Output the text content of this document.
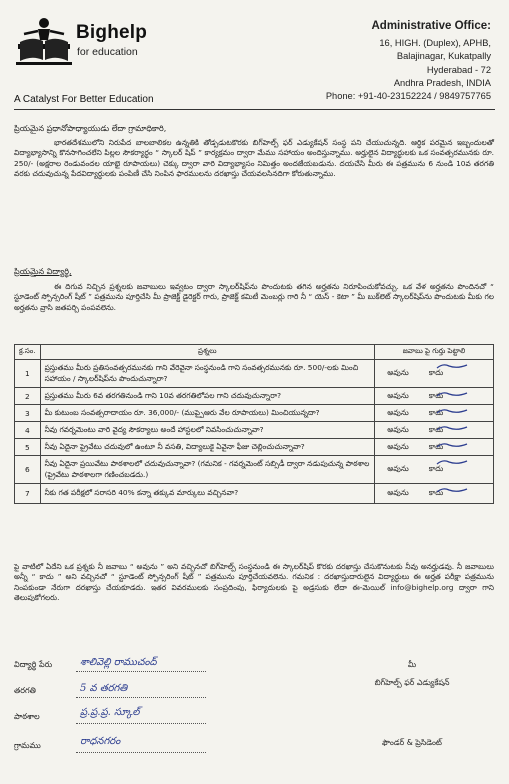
Bighelp
for education
A Catalyst For Better Education
Administrative Office:
16, HIGH. (Duplex), APHB,
Balajinagar, Kukatpally
Hyderabad - 72
Andhra Pradesh, INDIA
Phone: +91-40-23152224 / 9849757765
ప్రియమైన ప్రధానోపాధ్యాయుడు లేదా గ్రామాధికారి,
భారతదేశములోని నిరుపేద బాలబాలికల ఉన్నతికి తోడ్పడుటకొరకు బిగ్‌హెల్ప్ ఫర్ ఎడ్యుకేషన్ సంస్థ పని చేయుచున్నది. ఆర్థిక పరమైన ఇబ్బందులతో విద్యాభ్యాసాన్ని కొనసాగించలేని పిల్లల సౌకర్యార్థం “ స్కాలర్ షిప్ ” కార్యక్రమం ద్వారా మేము సహాయం అందిస్తున్నాము. అర్హులైన విద్యార్థులకు ఒక సంవత్సరమునకు రూ. 250/- (అక్షరాల రెండువందల యాభై రూపాయలు) చెక్కు ద్వారా వారి విద్యాభ్యాసం నిమిత్తం అందజేయబడును. దయచేసి మీరు ఈ పత్రమును 6 నుండి 10వ తరగతి వరకు చదువుచున్న పేదవిద్యార్థులకు పంపిణీ చేసి నింపిన ఫారములను దరఖాస్తు చేయవలసినదిగా కోరుతున్నాము.
ప్రియమైన విద్యార్థి,
ఈ దిగువ నిచ్చిన ప్రశ్నలకు జవాబులు ఇవ్వటం ద్వారా స్కాలర్‌షిప్‌ను పొందుటకు తగిన అర్హతను నిరూపించుకోవచ్చు. ఒక వేళ అర్హతను పొందినచో “ స్టూడెంట్ స్పోన్సరింగ్ షీట్ ” పత్రమును పూర్తిచేసి మీ ప్రాజెక్ట్ డైరెక్టర్ గారు, ప్రాజెక్ట్ కమిటీ మెంబర్లు గారి నీ “ యెస్ - కెటా ” మీ బుక్‌లెట్ స్కాలర్‌షిప్‌ను పొందుటకు మీకు గల అర్హతను వ్రాసి జతపర్చి పంపవలెను.
క్ర.సం.	ప్రశ్నలు	జవాబు పై గుర్తు పెట్టాలి
1	ప్రస్తుతము మీరు ప్రతిసంవత్సరమునకు గాని వేరెవైనా సంస్థనుండి గాని సంవత్సరమునకు రూ. 500/-లకు మించి సహాయం / స్కాలర్‌షిప్‌ను పొందుచున్నారా?	అవును కాదు

2	ప్రస్తుతము మీరు 6వ తరగతినుండి గాని 10వ తరగతిలోపల గాని చదువుచున్నారా?	అవును కాదు

3	మీ కుటుంబ సంవత్సరాదాయం రూ. 36,000/- (ముప్పైఆరు వేల రూపాయలు) మించియున్నదా?	అవును కాదు

4	నీవు గవర్నమెంటు వారి వైద్య సౌకర్యాలు అందే హాస్టలలో నివసించుచున్నావా?	అవును కాదు

5	నీవు ఏదైనా ప్రైవేటు చదువులో ఉంటూ నీ వసతి, విద్యాలుకై ఏవైనా ఫీజు చెల్లించుచున్నావా?	అవును కాదు

6	నీవు ఏదైనా ప్రయివేటు పాఠశాలలో చదువుచున్నావా? (గమనిక - గవర్నమెంట్ సబ్సిడీ ద్వారా నడుపుచున్న పాఠశాల (ప్రైవేటు పాఠశాలగా గణించబడదు.)	అవును కాదు

7	నీకు గత పరీక్షలో సరాసరి 40% కన్నా తక్కువ మార్కులు వచ్చినవా?	అవును కాదు
పై వాటిలో ఏదేని ఒక ప్రశ్నకు నీ జవాబు “ అవును ” అని వచ్చినచో బిగ్‌హెల్ప్ సంస్థనుండి ఈ స్కాలర్‌షిప్ కొరకు దరఖాస్తు చేసుకొనుటకు నీవు అనర్హుడవు. నీ జవాబులు అన్నీ “ కాదు ” అని వచ్చినచో “ స్టూడెంట్ స్పోన్సరింగ్ షీట్ ” పత్రమును పూర్తిచేయవలెను. గమనిక : దరఖాస్తుదారులైన విద్యార్థులు ఈ అర్హత పరీక్షా పత్రమును నింపకుండా నేరుగా దరఖాస్తు చేయకూడదు. ఇతర వివరములకు సంప్రదింపు, ఫిర్యాదులకు పై అడ్రసుకు లేదా ఈ-మెయిల్ info@bighelp.org ద్వారా గాని తెలుపుకోగలరు.
విద్యార్థి పేరు	శాలివెల్లి రాముచంద్
తరగతి	5 వ తరగతి
పాఠశాల	ప్ర.ప్ర.ప్ర. స్కూల్
గ్రామము	రాధనగరం
మీ
బిగ్‌హెల్ప్ ఫర్ ఎడ్యుకేషన్
ఫౌండర్ & ప్రెసిడెంట్
